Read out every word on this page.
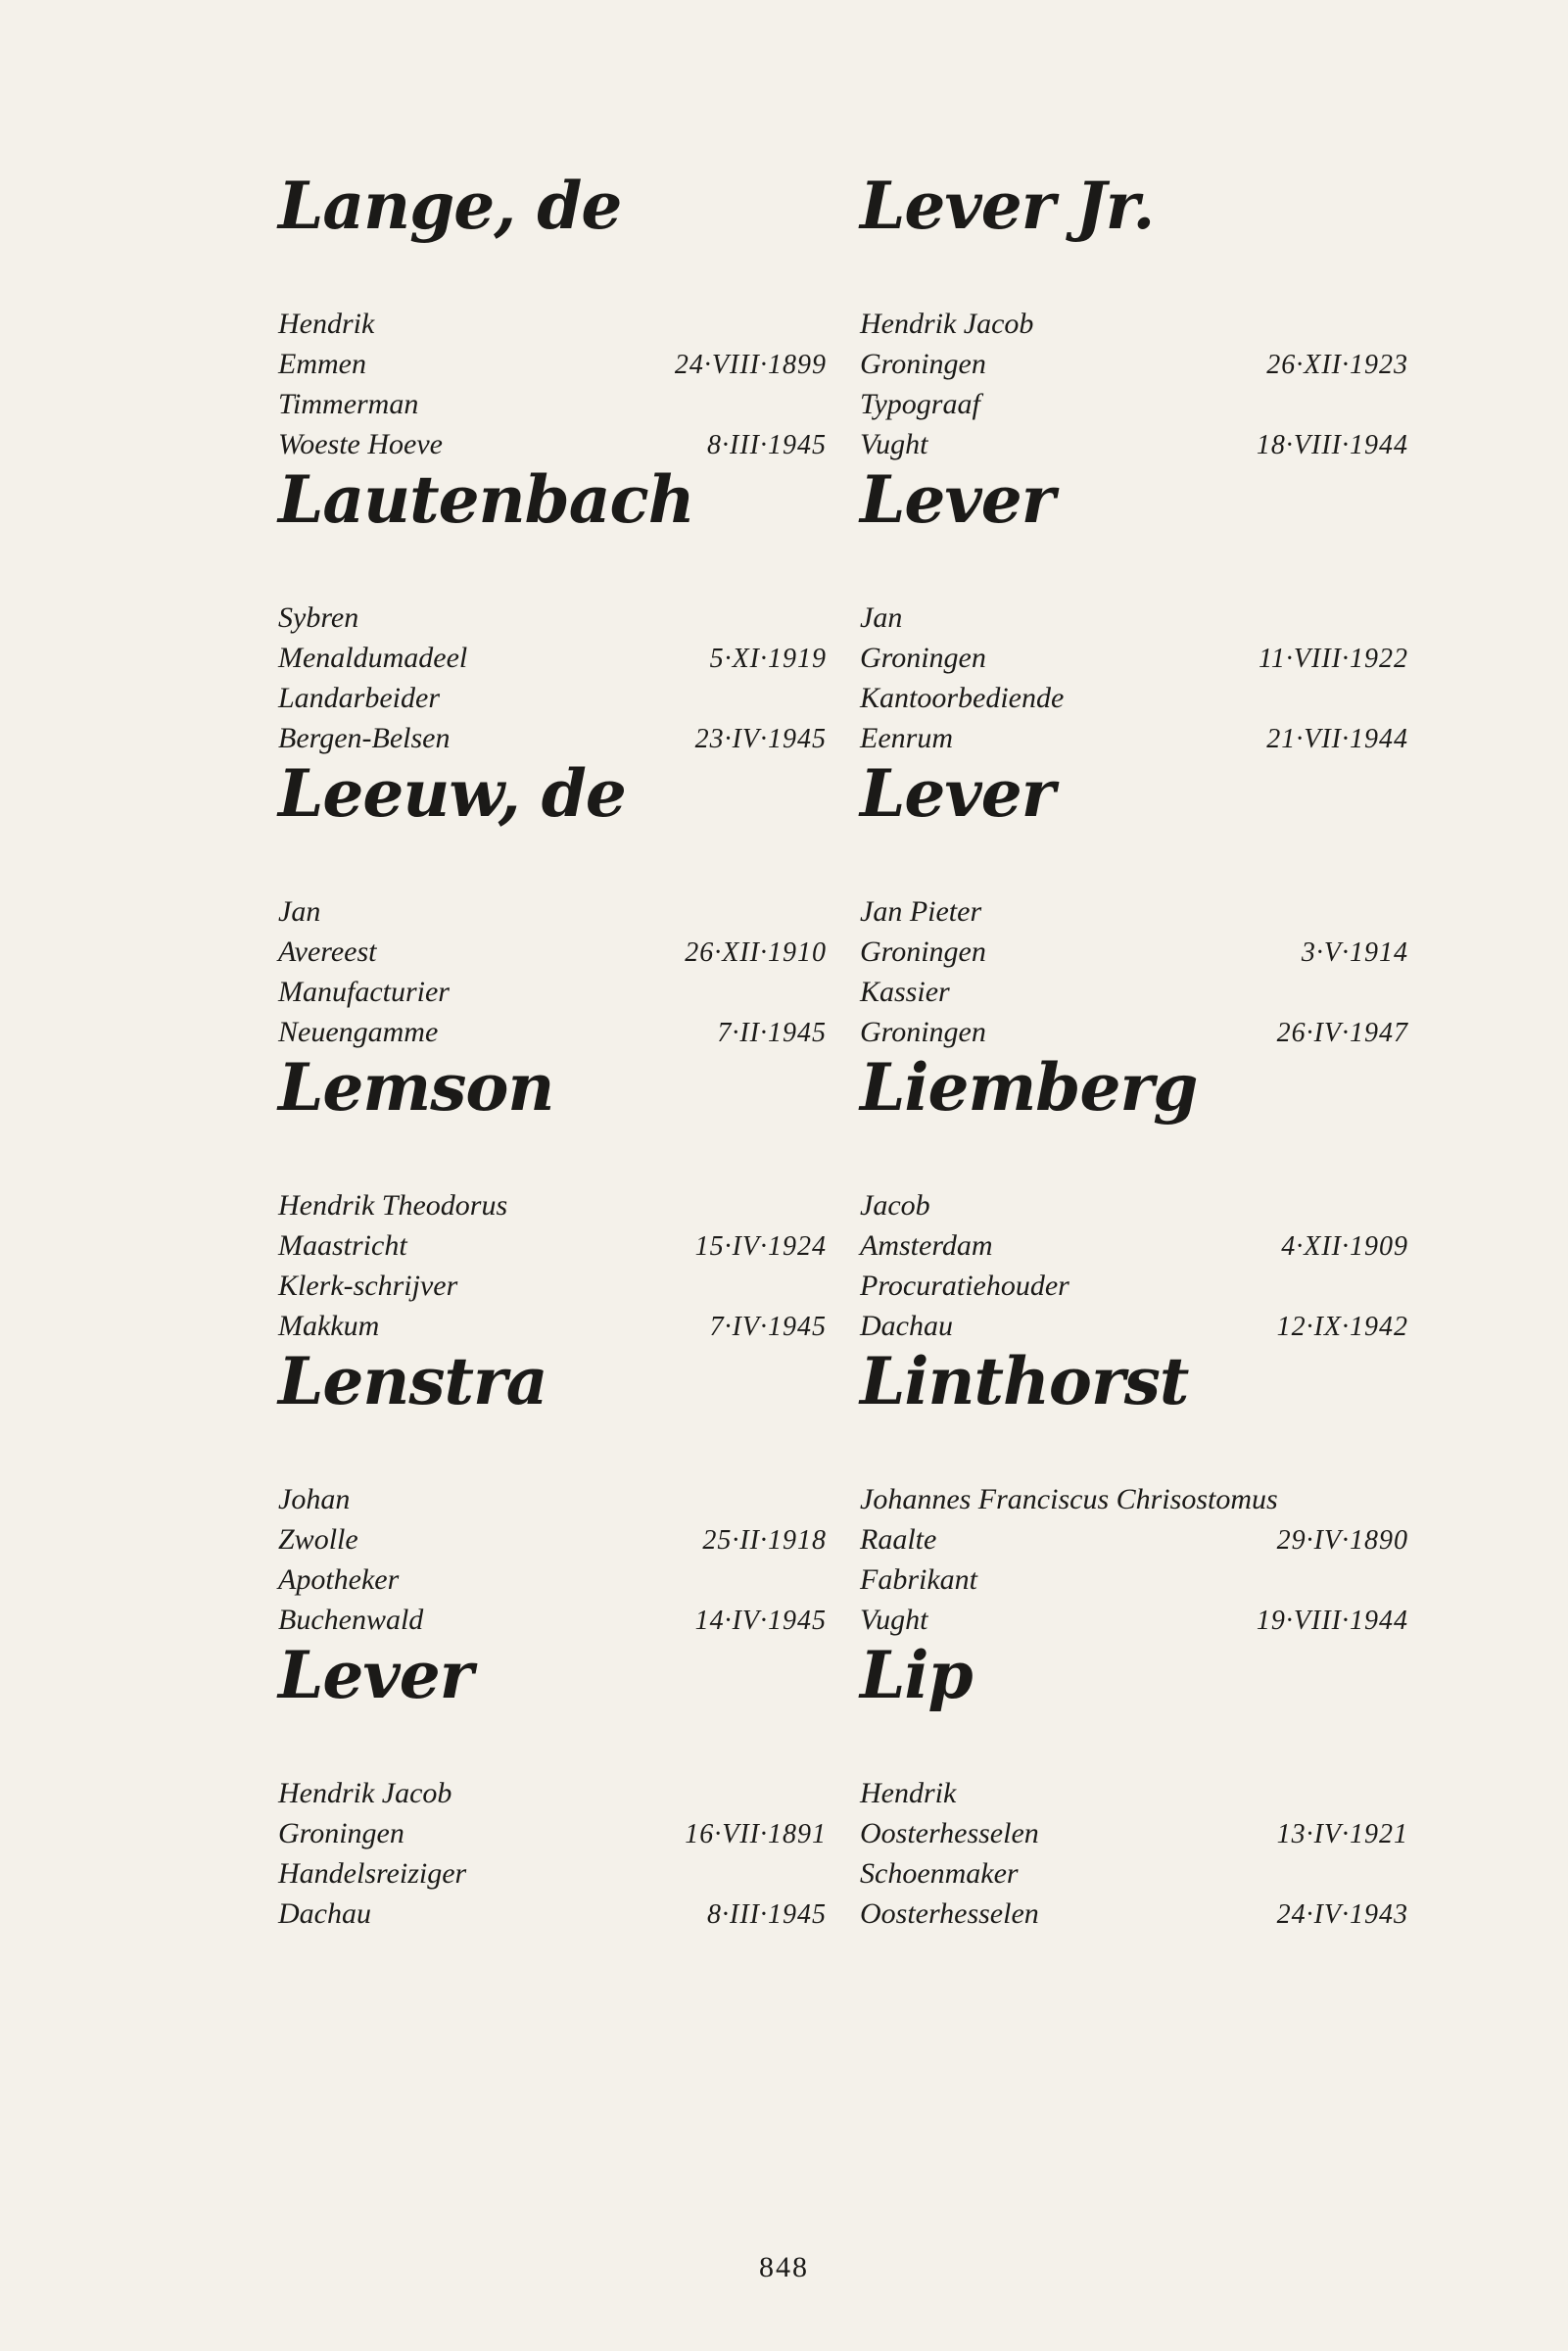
Lange, de
Hendrik
Emmen	24·VIII·1899
Timmerman
Woeste Hoeve	8·III·1945
Lautenbach
Sybren
Menaldumadeel	5·XI·1919
Landarbeider
Bergen-Belsen	23·IV·1945
Leeuw, de
Jan
Avereest	26·XII·1910
Manufacturier
Neuengamme	7·II·1945
Lemson
Hendrik Theodorus
Maastricht	15·IV·1924
Klerk-schrijver
Makkum	7·IV·1945
Lenstra
Johan
Zwolle	25·II·1918
Apotheker
Buchenwald	14·IV·1945
Lever
Hendrik Jacob
Groningen	16·VII·1891
Handelsreiziger
Dachau	8·III·1945
Lever Jr.
Hendrik Jacob
Groningen	26·XII·1923
Typograaf
Vught	18·VIII·1944
Lever
Jan
Groningen	11·VIII·1922
Kantoorbediende
Eenrum	21·VII·1944
Lever
Jan Pieter
Groningen	3·V·1914
Kassier
Groningen	26·IV·1947
Liemberg
Jacob
Amsterdam	4·XII·1909
Procuratiehouder
Dachau	12·IX·1942
Linthorst
Johannes Franciscus Chrisostomus
Raalte	29·IV·1890
Fabrikant
Vught	19·VIII·1944
Lip
Hendrik
Oosterhesselen	13·IV·1921
Schoenmaker
Oosterhesselen	24·IV·1943
848
